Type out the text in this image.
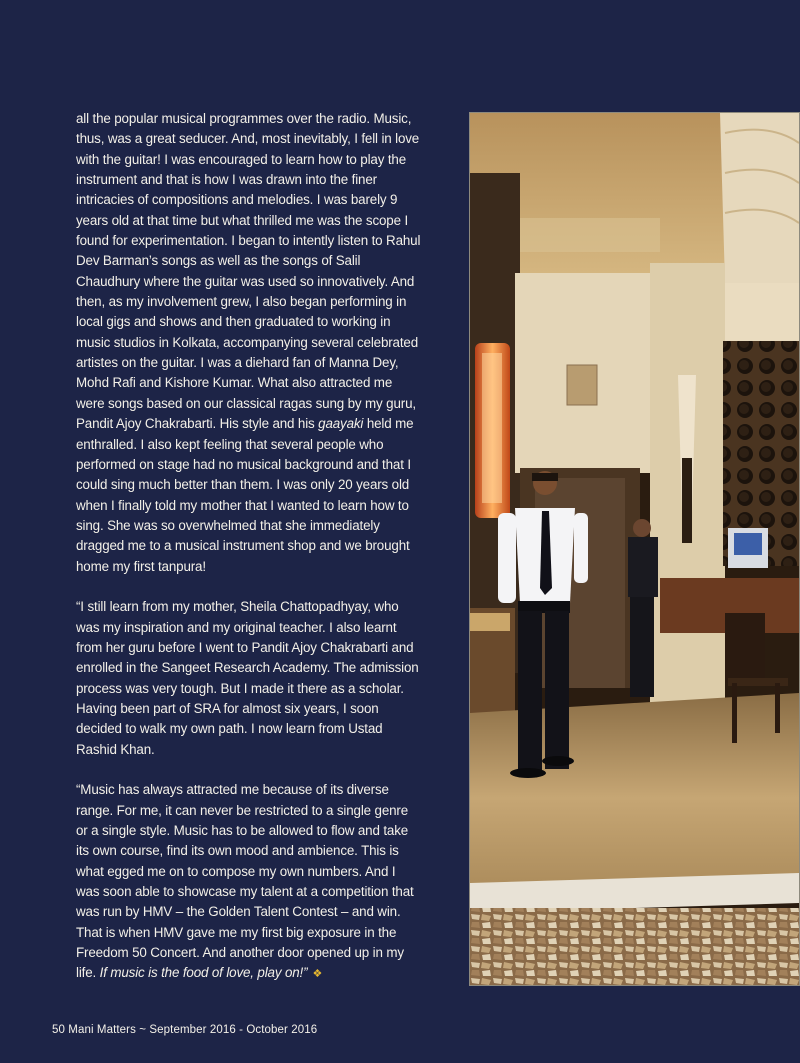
all the popular musical programmes over the radio. Music, thus, was a great seducer. And, most inevitably, I fell in love with the guitar! I was encouraged to learn how to play the instrument and that is how I was drawn into the finer intricacies of compositions and melodies. I was barely 9 years old at that time but what thrilled me was the scope I found for experimentation. I began to intently listen to Rahul Dev Barman’s songs as well as the songs of Salil Chaudhury where the guitar was used so innovatively. And then, as my involvement grew, I also began performing in local gigs and shows and then graduated to working in music studios in Kolkata, accompanying several celebrated artistes on the guitar. I was a diehard fan of Manna Dey, Mohd Rafi and Kishore Kumar. What also attracted me were songs based on our classical ragas sung by my guru, Pandit Ajoy Chakrabarti. His style and his gaayaki held me enthralled. I also kept feeling that several people who performed on stage had no musical background and that I could sing much better than them. I was only 20 years old when I finally told my mother that I wanted to learn how to sing. She was so overwhelmed that she immediately dragged me to a musical instrument shop and we brought home my first tanpura!

“I still learn from my mother, Sheila Chattopadhyay, who was my inspiration and my original teacher. I also learnt from her guru before I went to Pandit Ajoy Chakrabarti and enrolled in the Sangeet Research Academy. The admission process was very tough. But I made it there as a scholar. Having been part of SRA for almost six years, I soon decided to walk my own path. I now learn from Ustad Rashid Khan.

“Music has always attracted me because of its diverse range. For me, it can never be restricted to a single genre or a single style. Music has to be allowed to flow and take its own course, find its own mood and ambience. This is what egged me on to compose my own numbers. And I was soon able to showcase my talent at a competition that was run by HMV – the Golden Talent Contest – and win. That is when HMV gave me my first big exposure in the Freedom 50 Concert. And another door opened up in my life. If music is the food of love, play on!” ❖

50 Mani Matters ~ September 2016 - October 2016
